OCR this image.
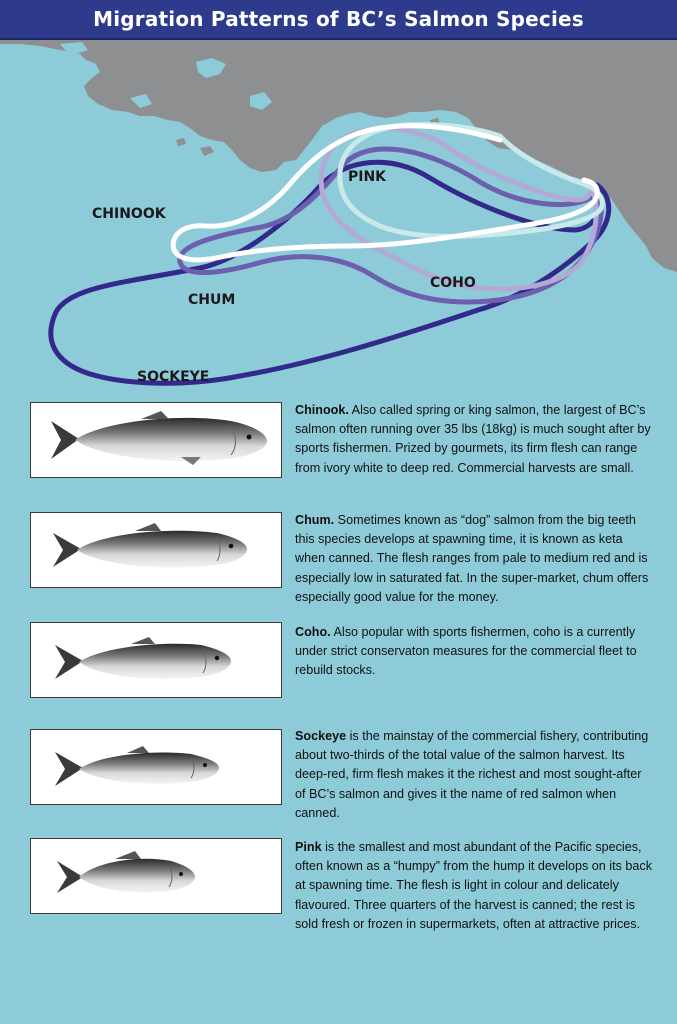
Migration Patterns of BC’s Salmon Species
PINK
CHINOOK
COHO
CHUM
SOCKEYE
Chinook. Also called spring or king salmon, the largest of BC’s salmon often running over 35 lbs (18kg) is much sought after by sports fishermen. Prized by gourmets, its firm flesh can range from ivory white to deep red. Commercial harvests are small.
Chum. Sometimes known as “dog” salmon from the big teeth this species develops at spawning time, it is known as keta when canned. The flesh ranges from pale to medium red and is especially low in saturated fat. In the super-market, chum offers especially good value for the money.
Coho. Also popular with sports fishermen, coho is a currently under strict conservaton measures for the commercial fleet to rebuild stocks.
Sockeye is the mainstay of the commercial fishery, contributing about two-thirds of the total value of the salmon harvest. Its deep-red, firm flesh makes it the richest and most sought-after of BC’s salmon and gives it the name of red salmon when canned.
Pink is the smallest and most abundant of the Pacific species, often known as a “humpy” from the hump it develops on its back at spawning time. The flesh is light in colour and delicately flavoured. Three quarters of the harvest is canned; the rest is sold fresh or frozen in supermarkets, often at attractive prices.
